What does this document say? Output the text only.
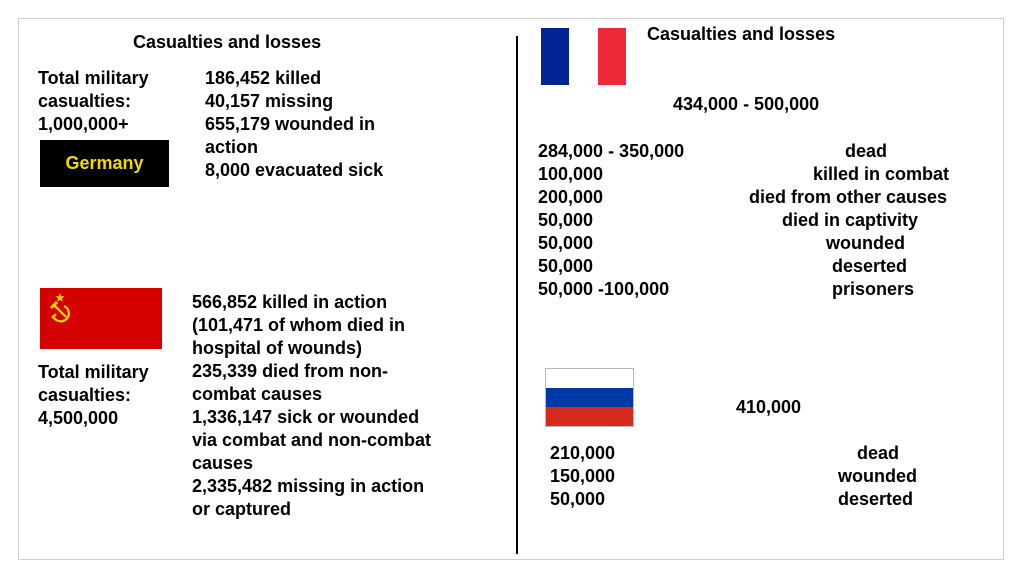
Casualties and losses
Total military
casualties:
1,000,000+
Germany
186,452 killed
40,157 missing
655,179 wounded in
action
8,000 evacuated sick
Total military
casualties:
4,500,000
566,852 killed in action
(101,471 of whom died in
hospital of wounds)
235,339 died from non-
combat causes
1,336,147 sick or wounded
via combat and non-combat
causes
2,335,482 missing in action
or captured
Casualties and losses
434,000 - 500,000
284,000 - 350,000	dead
100,000	killed in combat
200,000	died from other causes
50,000	died in captivity
50,000	wounded
50,000	deserted
50,000 -100,000	prisoners
410,000
210,000	dead
150,000	wounded
50,000	deserted
